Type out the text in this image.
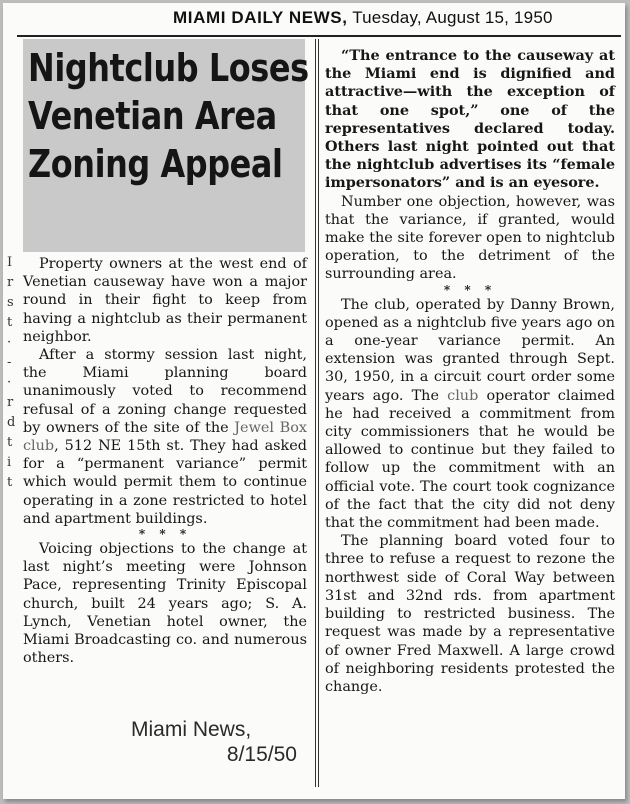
MIAMI DAILY NEWS, Tuesday, August 15, 1950
I
r
s
t
·
-
·
r
d
t
i
t
Nightclub Loses
Venetian Area
Zoning Appeal

Property owners at the west end of Venetian causeway have won a major round in their fight to keep from having a nightclub as their permanent neighbor.

After a stormy session last night, the Miami planning board unanimously voted to recommend refusal of a zoning change requested by owners of the site of the Jewel Box club, 512 NE 15th st. They had asked for a “permanent variance” permit which would permit them to continue operating in a zone restricted to hotel and apartment buildings.

* * *

Voicing objections to the change at last night’s meeting were Johnson Pace, representing Trinity Episcopal church, built 24 years ago; S. A. Lynch, Venetian hotel owner, the Miami Broadcasting co. and numerous others.

“The entrance to the causeway at the Miami end is dignified and attractive—with the exception of that one spot,” one of the representatives declared today. Others last night pointed out that the nightclub advertises its “female impersonators” and is an eyesore.

Number one objection, however, was that the variance, if granted, would make the site forever open to nightclub operation, to the detriment of the surrounding area.

* * *

The club, operated by Danny Brown, opened as a nightclub five years ago on a one-year variance permit. An extension was granted through Sept. 30, 1950, in a circuit court order some years ago. The club operator claimed he had received a commitment from city commissioners that he would be allowed to continue but they failed to follow up the commitment with an official vote. The court took cognizance of the fact that the city did not deny that the commitment had been made.

The planning board voted four to three to refuse a request to rezone the northwest side of Coral Way between 31st and 32nd rds. from apartment building to restricted business. The request was made by a representative of owner Fred Maxwell. A large crowd of neighboring residents protested the change.

Miami News,
8/15/50
